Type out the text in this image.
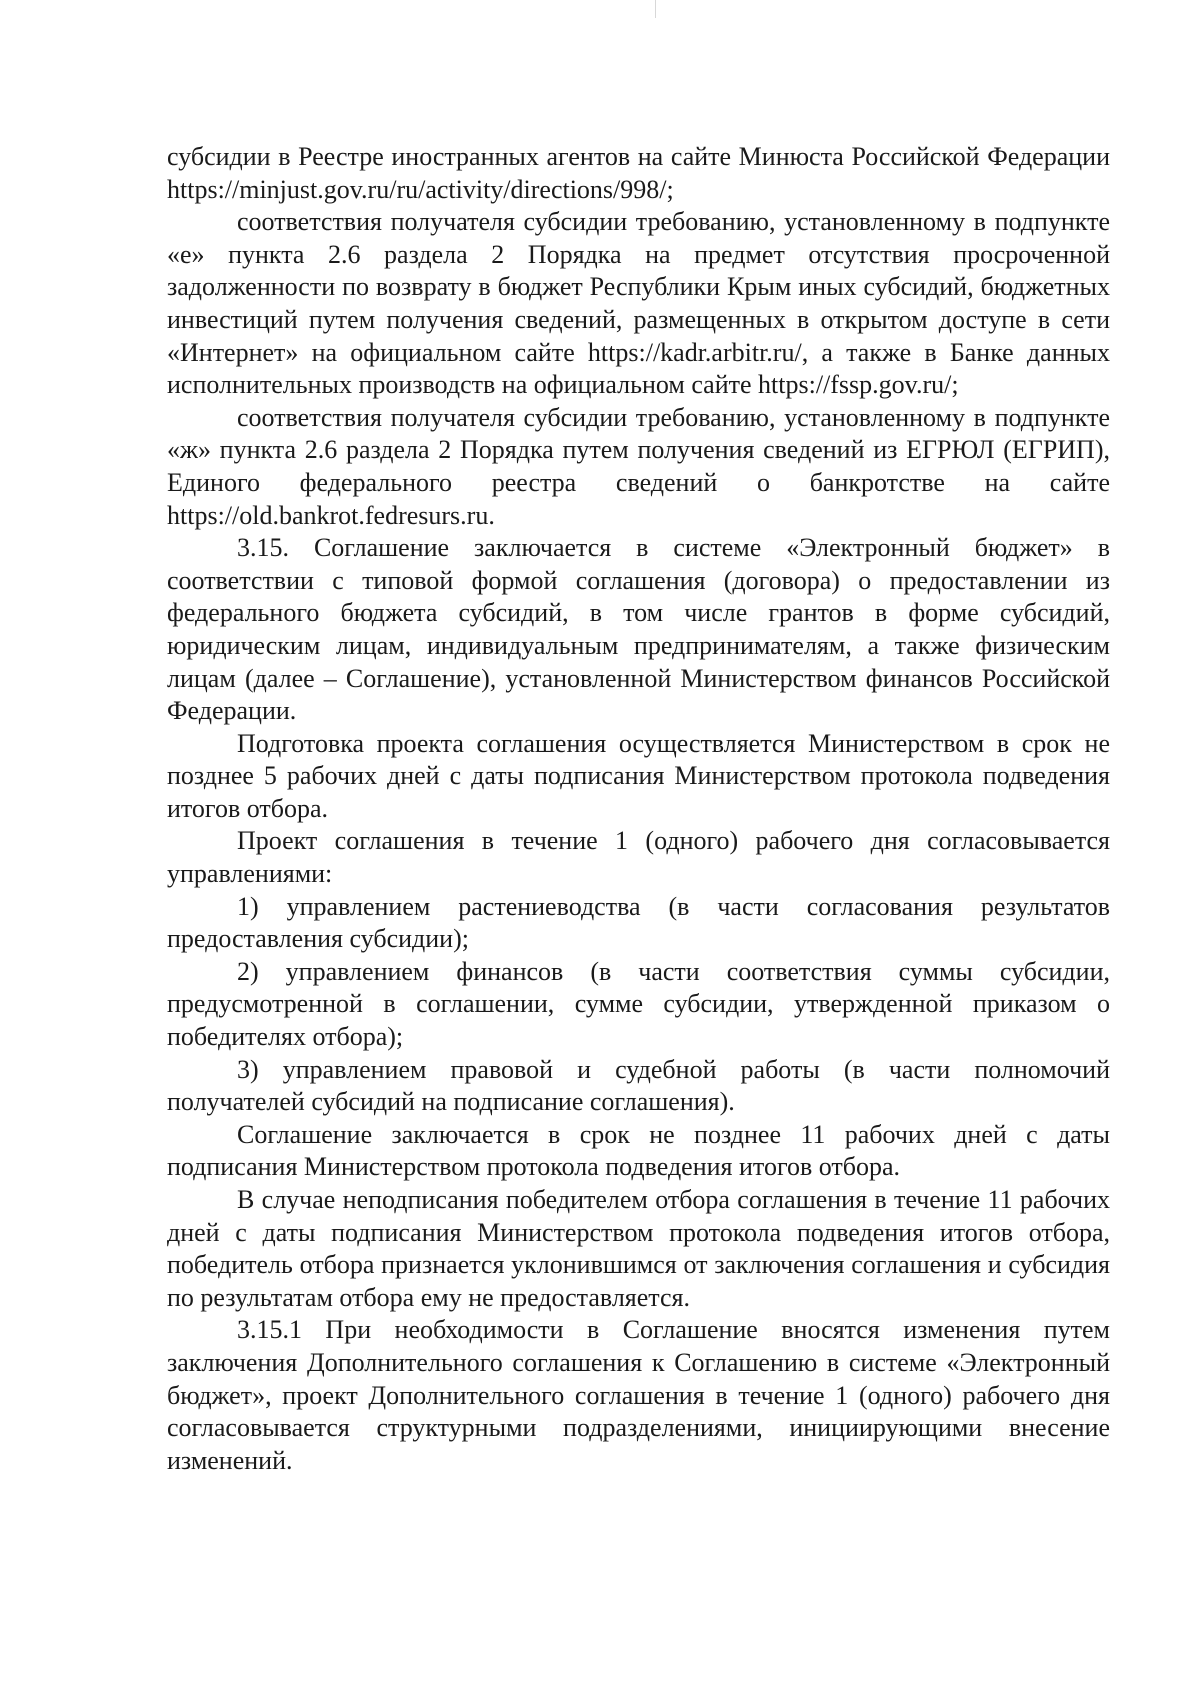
субсидии в Реестре иностранных агентов на сайте Минюста Российской Федерации https://minjust.gov.ru/ru/activity/directions/998/;

соответствия получателя субсидии требованию, установленному в подпункте «е» пункта 2.6 раздела 2 Порядка на предмет отсутствия просроченной задолженности по возврату в бюджет Республики Крым иных субсидий, бюджетных инвестиций путем получения сведений, размещенных в открытом доступе в сети «Интернет» на официальном сайте https://kadr.arbitr.ru/, а также в Банке данных исполнительных производств на официальном сайте https://fssp.gov.ru/;

соответствия получателя субсидии требованию, установленному в подпункте «ж» пункта 2.6 раздела 2 Порядка путем получения сведений из ЕГРЮЛ (ЕГРИП), Единого федерального реестра сведений о банкротстве на сайте https://old.bankrot.fedresurs.ru.

3.15. Соглашение заключается в системе «Электронный бюджет» в соответствии с типовой формой соглашения (договора) о предоставлении из федерального бюджета субсидий, в том числе грантов в форме субсидий, юридическим лицам, индивидуальным предпринимателям, а также физическим лицам (далее – Соглашение), установленной Министерством финансов Российской Федерации.

Подготовка проекта соглашения осуществляется Министерством в срок не позднее 5 рабочих дней с даты подписания Министерством протокола подведения итогов отбора.

Проект соглашения в течение 1 (одного) рабочего дня согласовывается управлениями:

1) управлением растениеводства (в части согласования результатов предоставления субсидии);

2) управлением финансов (в части соответствия суммы субсидии, предусмотренной в соглашении, сумме субсидии, утвержденной приказом о победителях отбора);

3) управлением правовой и судебной работы (в части полномочий получателей субсидий на подписание соглашения).

Соглашение заключается в срок не позднее 11 рабочих дней с даты подписания Министерством протокола подведения итогов отбора.

В случае неподписания победителем отбора соглашения в течение 11 рабочих дней с даты подписания Министерством протокола подведения итогов отбора, победитель отбора признается уклонившимся от заключения соглашения и субсидия по результатам отбора ему не предоставляется.

3.15.1 При необходимости в Соглашение вносятся изменения путем заключения Дополнительного соглашения к Соглашению в системе «Электронный бюджет», проект Дополнительного соглашения в течение 1 (одного) рабочего дня согласовывается структурными подразделениями, инициирующими внесение изменений.
